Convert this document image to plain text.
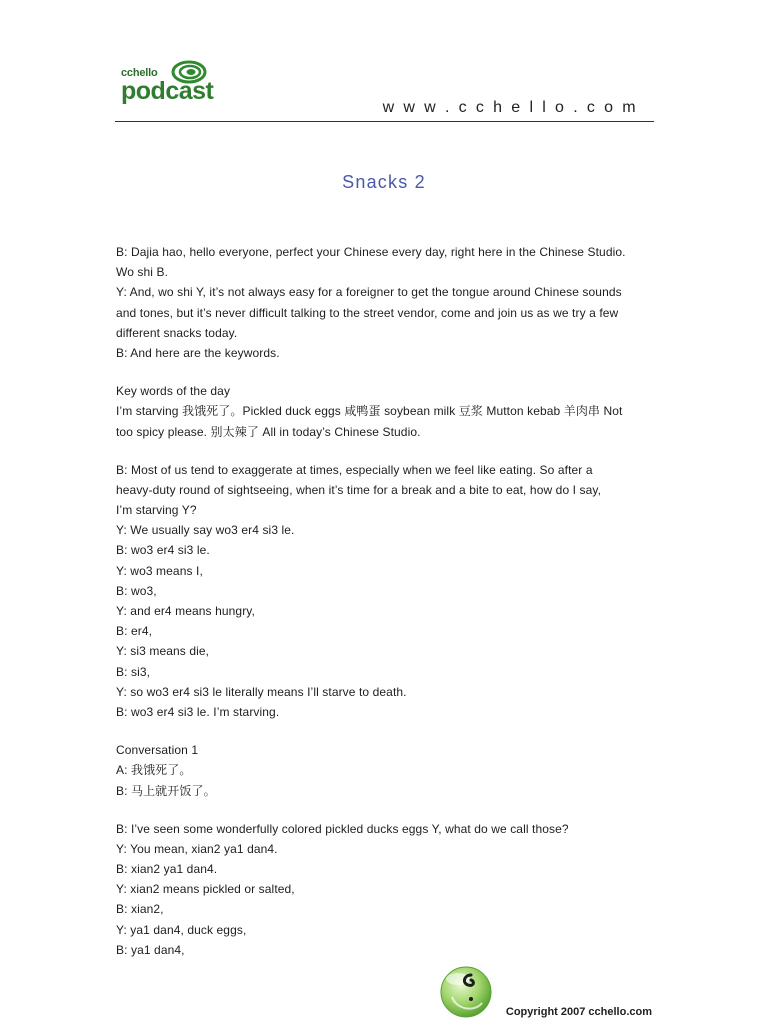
cchello
podcast
w w w . c c h e l l o . c o m
Snacks 2
B: Dajia hao, hello everyone, perfect your Chinese every day, right here in the Chinese Studio.
Wo shi B.
Y: And, wo shi Y, it’s not always easy for a foreigner to get the tongue around Chinese sounds
and tones, but it’s never difficult talking to the street vendor, come and join us as we try a few
different snacks today.
B: And here are the keywords.
Key words of the day
I’m starving 我饿死了。Pickled duck eggs 咸鸭蛋 soybean milk 豆浆 Mutton kebab 羊肉串 Not
too spicy please. 别太辣了 All in today’s Chinese Studio.
B: Most of us tend to exaggerate at times, especially when we feel like eating. So after a
heavy-duty round of sightseeing, when it’s time for a break and a bite to eat, how do I say,
I’m starving Y?
Y: We usually say wo3 er4 si3 le.
B: wo3 er4 si3 le.
Y: wo3 means I,
B: wo3,
Y: and er4 means hungry,
B: er4,
Y: si3 means die,
B: si3,
Y: so wo3 er4 si3 le literally means I’ll starve to death.
B: wo3 er4 si3 le. I’m starving.
Conversation 1
A: 我饿死了。
B: 马上就开饭了。
B: I’ve seen some wonderfully colored pickled ducks eggs Y, what do we call those?
Y: You mean, xian2 ya1 dan4.
B: xian2 ya1 dan4.
Y: xian2 means pickled or salted,
B: xian2,
Y: ya1 dan4, duck eggs,
B: ya1 dan4,
Copyright 2007 cchello.com
